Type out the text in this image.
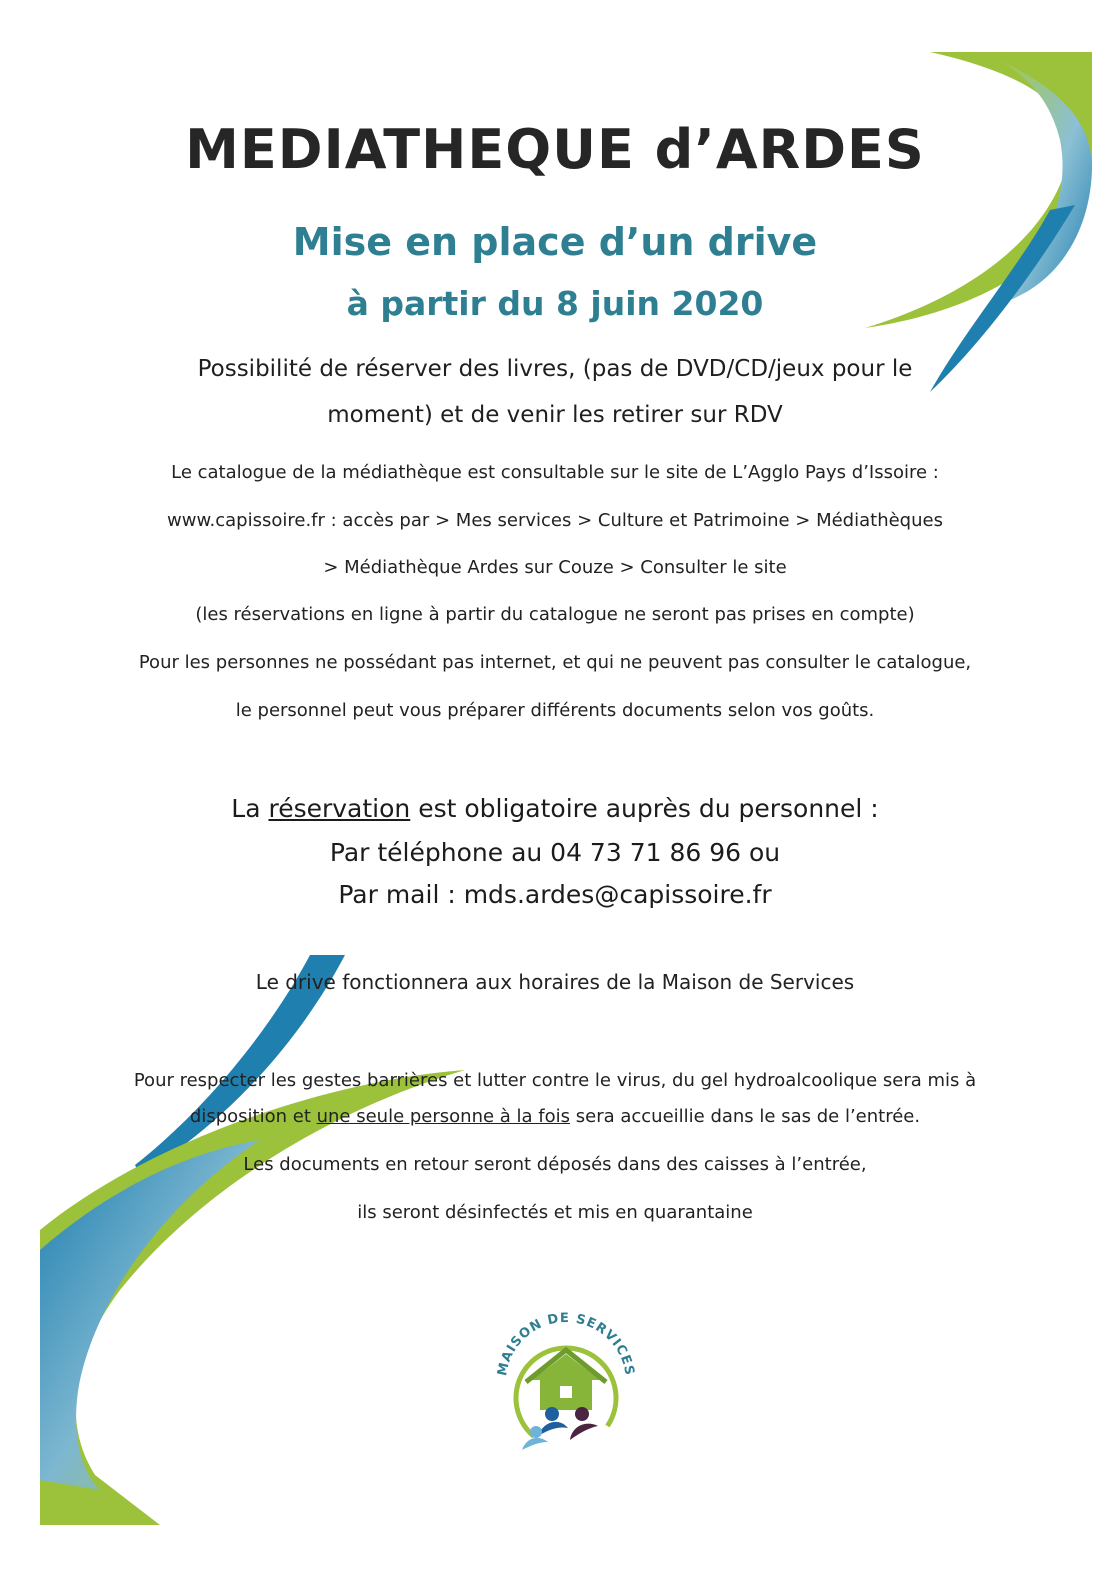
MEDIATHEQUE d’ARDES
Mise en place d’un drive
à partir du 8 juin 2020

Possibilité de réserver des livres, (pas de DVD/CD/jeux pour le

moment) et de venir les retirer sur RDV

Le catalogue de la médiathèque est consultable sur le site de L’Agglo Pays d’Issoire :

www.capissoire.fr : accès par > Mes services > Culture et Patrimoine > Médiathèques

> Médiathèque Ardes sur Couze > Consulter le site

(les réservations en ligne à partir du catalogue ne seront pas prises en compte)

Pour les personnes ne possédant pas internet, et qui ne peuvent pas consulter le catalogue,

le personnel peut vous préparer différents documents selon vos goûts.

La réservation est obligatoire auprès du personnel :

Par téléphone au 04 73 71 86 96 ou

Par mail : mds.ardes@capissoire.fr

Le drive fonctionnera aux horaires de la Maison de Services

Pour respecter les gestes barrières et lutter contre le virus, du gel hydroalcoolique sera mis à

disposition et une seule personne à la fois sera accueillie dans le sas de l’entrée.

Les documents en retour seront déposés dans des caisses à l’entrée,

ils seront désinfectés et mis en quarantaine

MAISON DE SERVICES
